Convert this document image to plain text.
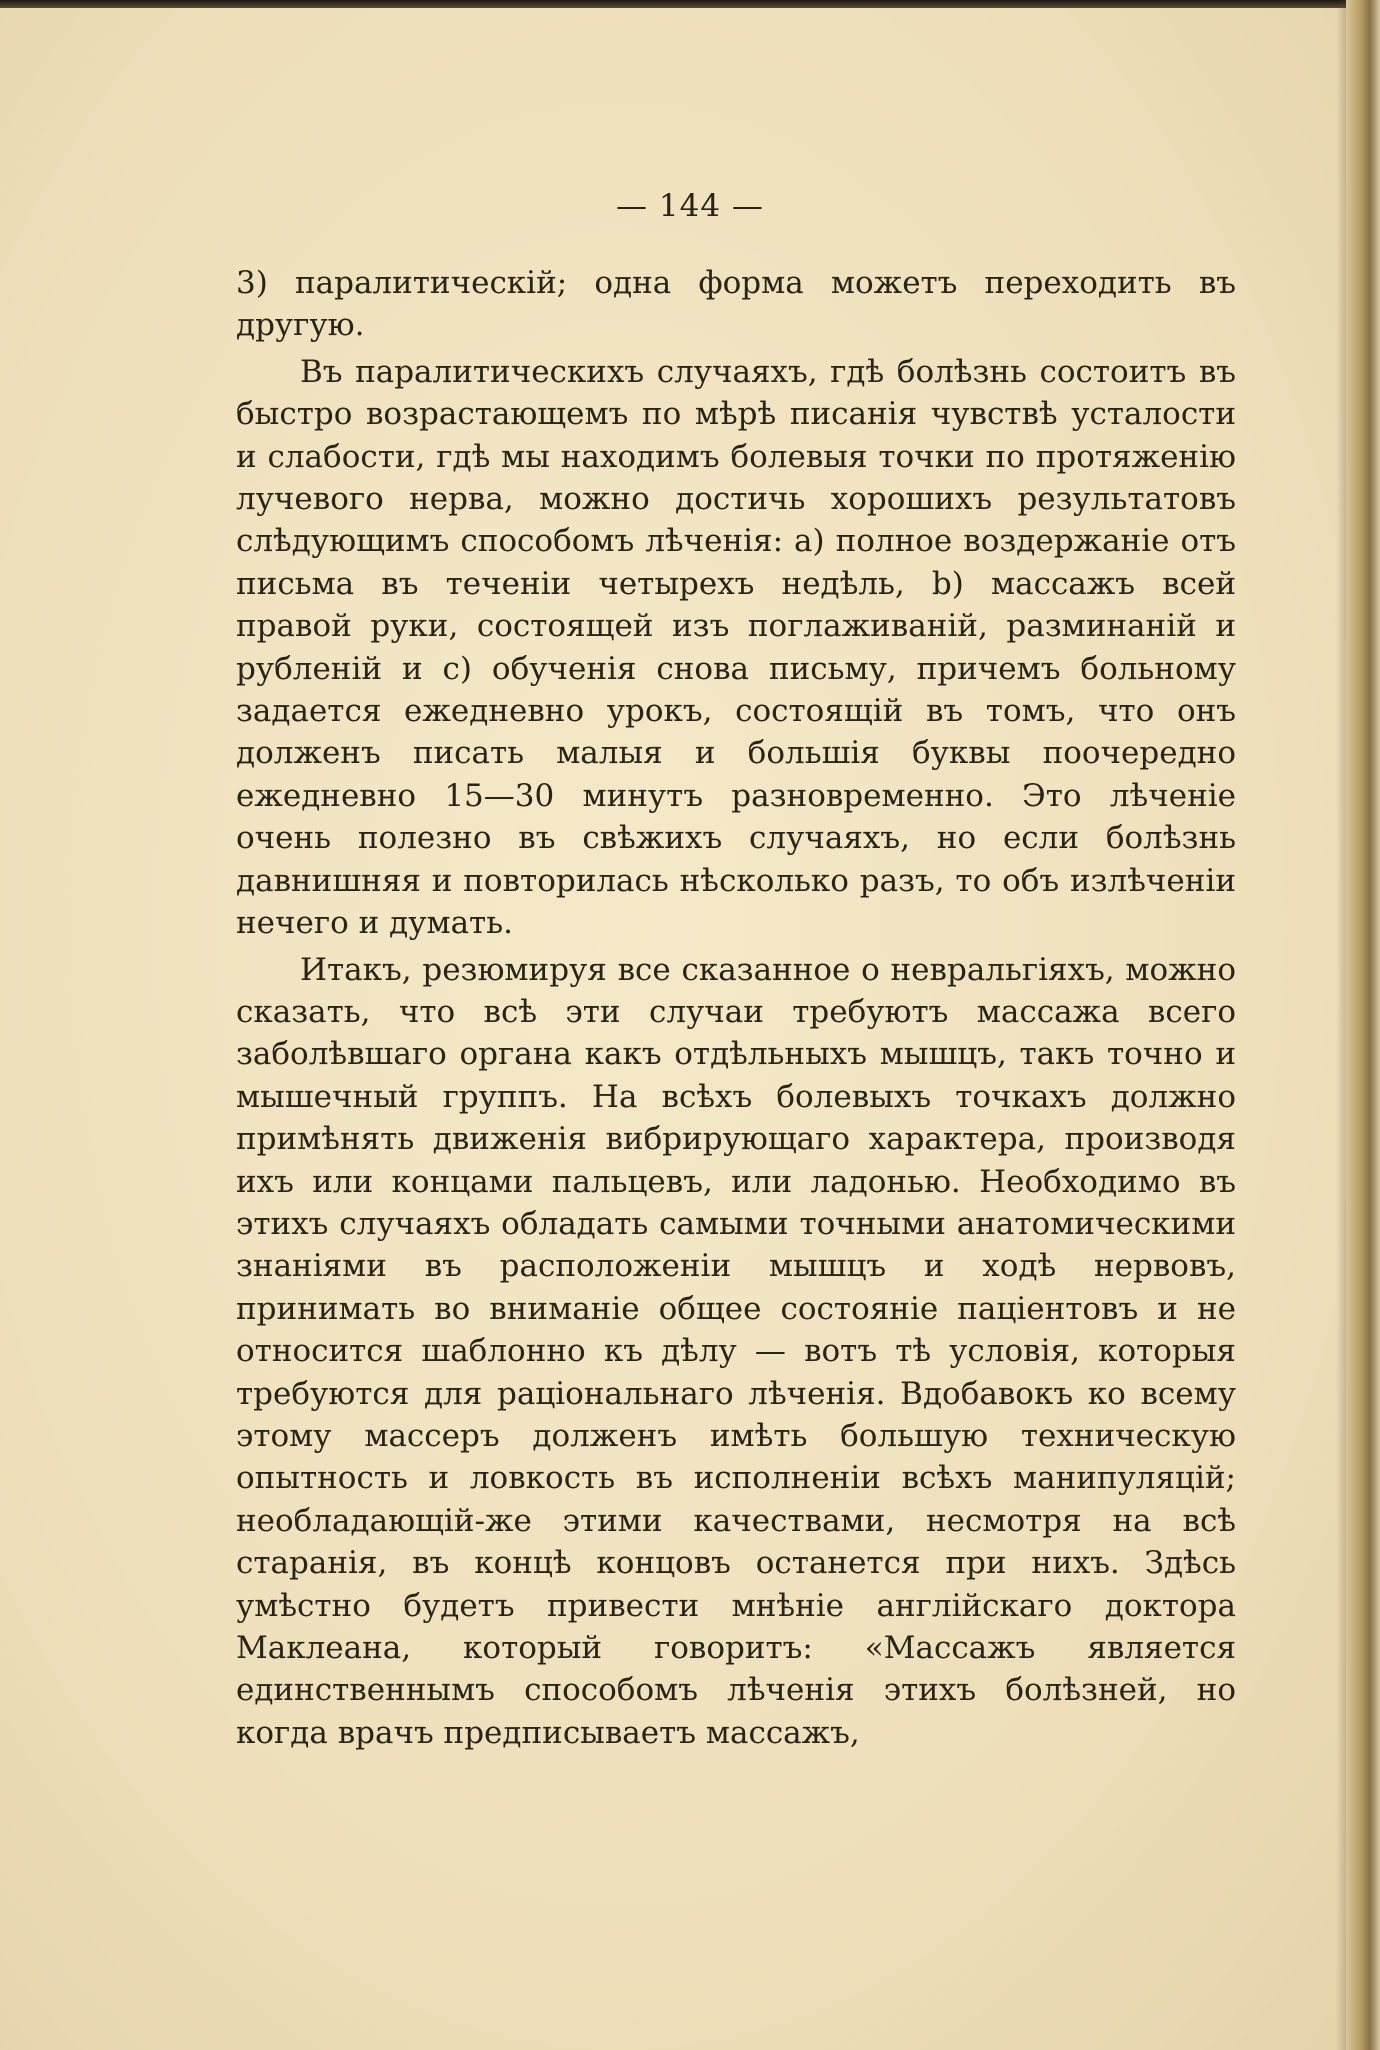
— 144 —

3) паралитическій; одна форма можетъ переходить въ другую.

Въ паралитическихъ случаяхъ, гдѣ болѣзнь состоитъ въ быстро возрастающемъ по мѣрѣ писанія чувствѣ усталости и слабости, гдѣ мы находимъ болевыя точки по протяженію лучевого нерва, можно достичь хорошихъ результатовъ слѣдующимъ способомъ лѣченія: a) полное воздержаніе отъ письма въ теченіи четырехъ недѣль, b) массажъ всей правой руки, состоящей изъ поглаживаній, разминаній и рубленій и c) обученія снова письму, причемъ больному задается ежедневно урокъ, состоящій въ томъ, что онъ долженъ писать малыя и большія буквы поочередно ежедневно 15—30 минутъ разновременно. Это лѣченіе очень полезно въ свѣжихъ случаяхъ, но если болѣзнь давнишняя и повторилась нѣсколько разъ, то объ излѣченіи нечего и думать.

Итакъ, резюмируя все сказанное о невральгіяхъ, можно сказать, что всѣ эти случаи требуютъ массажа всего заболѣвшаго органа какъ отдѣльныхъ мышцъ, такъ точно и мышечный группъ. На всѣхъ болевыхъ точкахъ должно примѣнять движенія вибрирующаго характера, производя ихъ или концами пальцевъ, или ладонью. Необходимо въ этихъ случаяхъ обладать самыми точными анатомическими знаніями въ расположеніи мышцъ и ходѣ нервовъ, принимать во вниманіе общее состояніе паціентовъ и не относится шаблонно къ дѣлу — вотъ тѣ условія, которыя требуются для раціональнаго лѣченія. Вдобавокъ ко всему этому массеръ долженъ имѣть большую техническую опытность и ловкость въ исполненіи всѣхъ манипуляцій; необладающій-же этими качествами, несмотря на всѣ старанія, въ концѣ концовъ останется при нихъ. Здѣсь умѣстно будетъ привести мнѣніе англійскаго доктора Маклеана, который говоритъ: «Массажъ является единственнымъ способомъ лѣченія этихъ болѣзней, но когда врачъ предписываетъ массажъ,
